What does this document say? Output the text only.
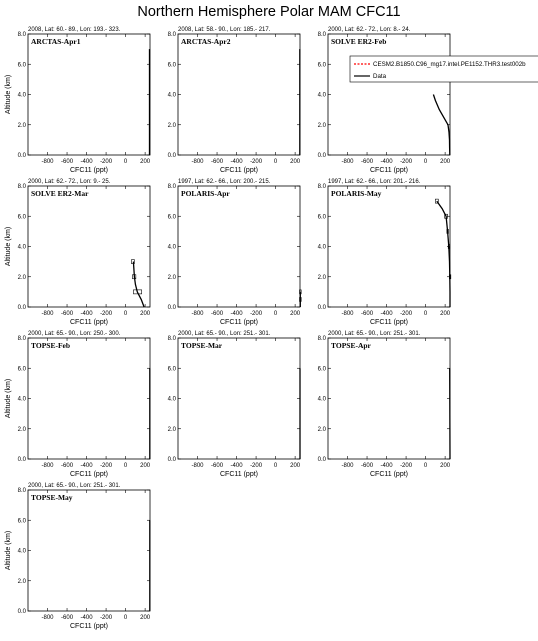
Northern Hemisphere Polar MAM CFC11
2008, Lat: 60.- 89., Lon: 193.- 323.
-800 -600 -400 -200 0 200
0.0
2.0
4.0
6.0
8.0
CFC11 (ppt)
Altitude (km)
ARCTAS-Apr1
2008, Lat: 58.- 90., Lon: 185.- 217.
-800 -600 -400 -200 0 200
0.0
2.0
4.0
6.0
8.0
CFC11 (ppt)
ARCTAS-Apr2
2000, Lat: 62.- 72., Lon: 8.- 24.
-800 -600 -400 -200 0 200
0.0
2.0
4.0
6.0
8.0
CFC11 (ppt)
SOLVE ER2-Feb
CESM2.B1850.C96_mg17.intel.PE1152.THR3.test002b
Data
2000, Lat: 62.- 72., Lon: 9.- 25.
-800 -600 -400 -200 0 200
0.0
2.0
4.0
6.0
8.0
CFC11 (ppt)
Altitude (km)
SOLVE ER2-Mar
1997, Lat: 62.- 66., Lon: 200.- 215.
-800 -600 -400 -200 0 200
0.0
2.0
4.0
6.0
8.0
CFC11 (ppt)
POLARIS-Apr
1997, Lat: 62.- 66., Lon: 201.- 216.
-800 -600 -400 -200 0 200
0.0
2.0
4.0
6.0
8.0
CFC11 (ppt)
POLARIS-May
2000, Lat: 65.- 90., Lon: 250.- 300.
-800 -600 -400 -200 0 200
0.0
2.0
4.0
6.0
8.0
CFC11 (ppt)
Altitude (km)
TOPSE-Feb
2000, Lat: 65.- 90., Lon: 251.- 301.
-800 -600 -400 -200 0 200
0.0
2.0
4.0
6.0
8.0
CFC11 (ppt)
TOPSE-Mar
2000, Lat: 65.- 90., Lon: 251.- 301.
-800 -600 -400 -200 0 200
0.0
2.0
4.0
6.0
8.0
CFC11 (ppt)
TOPSE-Apr
2000, Lat: 65.- 90., Lon: 251.- 301.
-800 -600 -400 -200 0 200
0.0
2.0
4.0
6.0
8.0
CFC11 (ppt)
Altitude (km)
TOPSE-May
